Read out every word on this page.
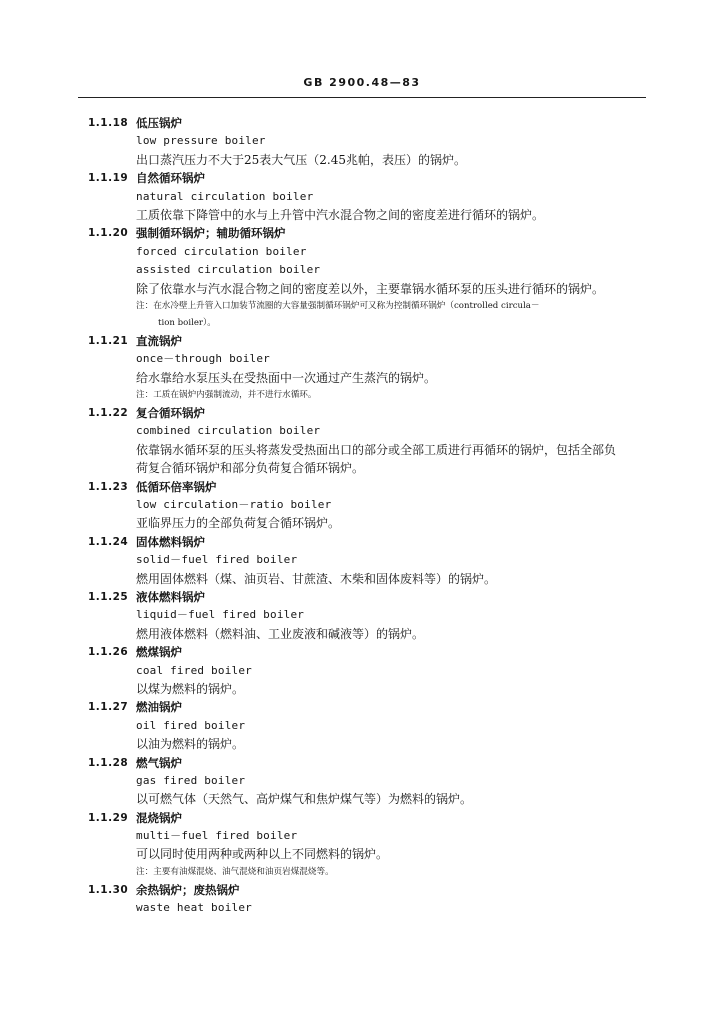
GB 2900.48—83
1.1.18 低压锅炉
low pressure boiler
出口蒸汽压力不大于25表大气压（2.45兆帕，表压）的锅炉。
1.1.19 自然循环锅炉
natural circulation boiler
工质依靠下降管中的水与上升管中汽水混合物之间的密度差进行循环的锅炉。
1.1.20 强制循环锅炉；辅助循环锅炉
forced circulation boiler
assisted circulation boiler
除了依靠水与汽水混合物之间的密度差以外，主要靠锅水循环泵的压头进行循环的锅炉。
注：在水冷壁上升管入口加装节流圈的大容量强制循环锅炉可又称为控制循环锅炉（controlled circula－
tion boiler）。
1.1.21 直流锅炉
once－through boiler
给水靠给水泵压头在受热面中一次通过产生蒸汽的锅炉。
注：工质在锅炉内强制流动，并不进行水循环。
1.1.22 复合循环锅炉
combined circulation boiler
依靠锅水循环泵的压头将蒸发受热面出口的部分或全部工质进行再循环的锅炉，包括全部负
荷复合循环锅炉和部分负荷复合循环锅炉。
1.1.23 低循环倍率锅炉
low circulation－ratio boiler
亚临界压力的全部负荷复合循环锅炉。
1.1.24 固体燃料锅炉
solid－fuel fired boiler
燃用固体燃料（煤、油页岩、甘蔗渣、木柴和固体废料等）的锅炉。
1.1.25 液体燃料锅炉
liquid－fuel fired boiler
燃用液体燃料（燃料油、工业废液和碱液等）的锅炉。
1.1.26 燃煤锅炉
coal fired boiler
以煤为燃料的锅炉。
1.1.27 燃油锅炉
oil fired boiler
以油为燃料的锅炉。
1.1.28 燃气锅炉
gas fired boiler
以可燃气体（天然气、高炉煤气和焦炉煤气等）为燃料的锅炉。
1.1.29 混烧锅炉
multi－fuel fired boiler
可以同时使用两种或两种以上不同燃料的锅炉。
注：主要有油煤混烧、油气混烧和油页岩煤混烧等。
1.1.30 余热锅炉；废热锅炉
waste heat boiler
